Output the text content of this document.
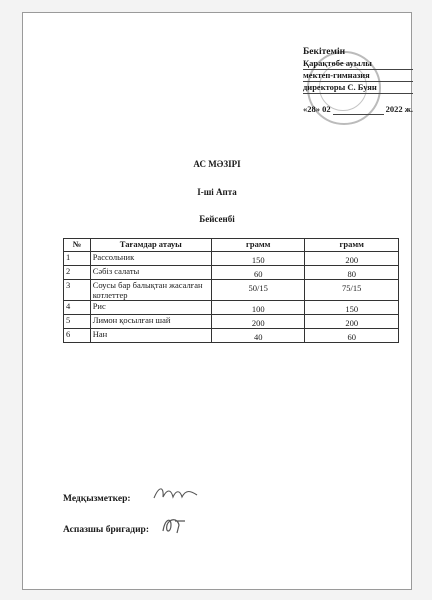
Бекітемін
Қарақтөбе ауылы
мектеп-гимназия
директоры С. Буян
«28» 02	2022 ж.
АС МӘЗІРІ
I-ші Апта
Бейсенбі
№	Тағамдар атауы	грамм	грамм
1	Рассольник	150	200
2	Сәбіз салаты	60	80
3	Соусы бар балықтан жасалған котлеттер	50/15	75/15
4	Рис	100	150
5	Лимон қосылған шай	200	200
6	Нан	40	60
Медқызметкер:
Аспазшы бригадир:
